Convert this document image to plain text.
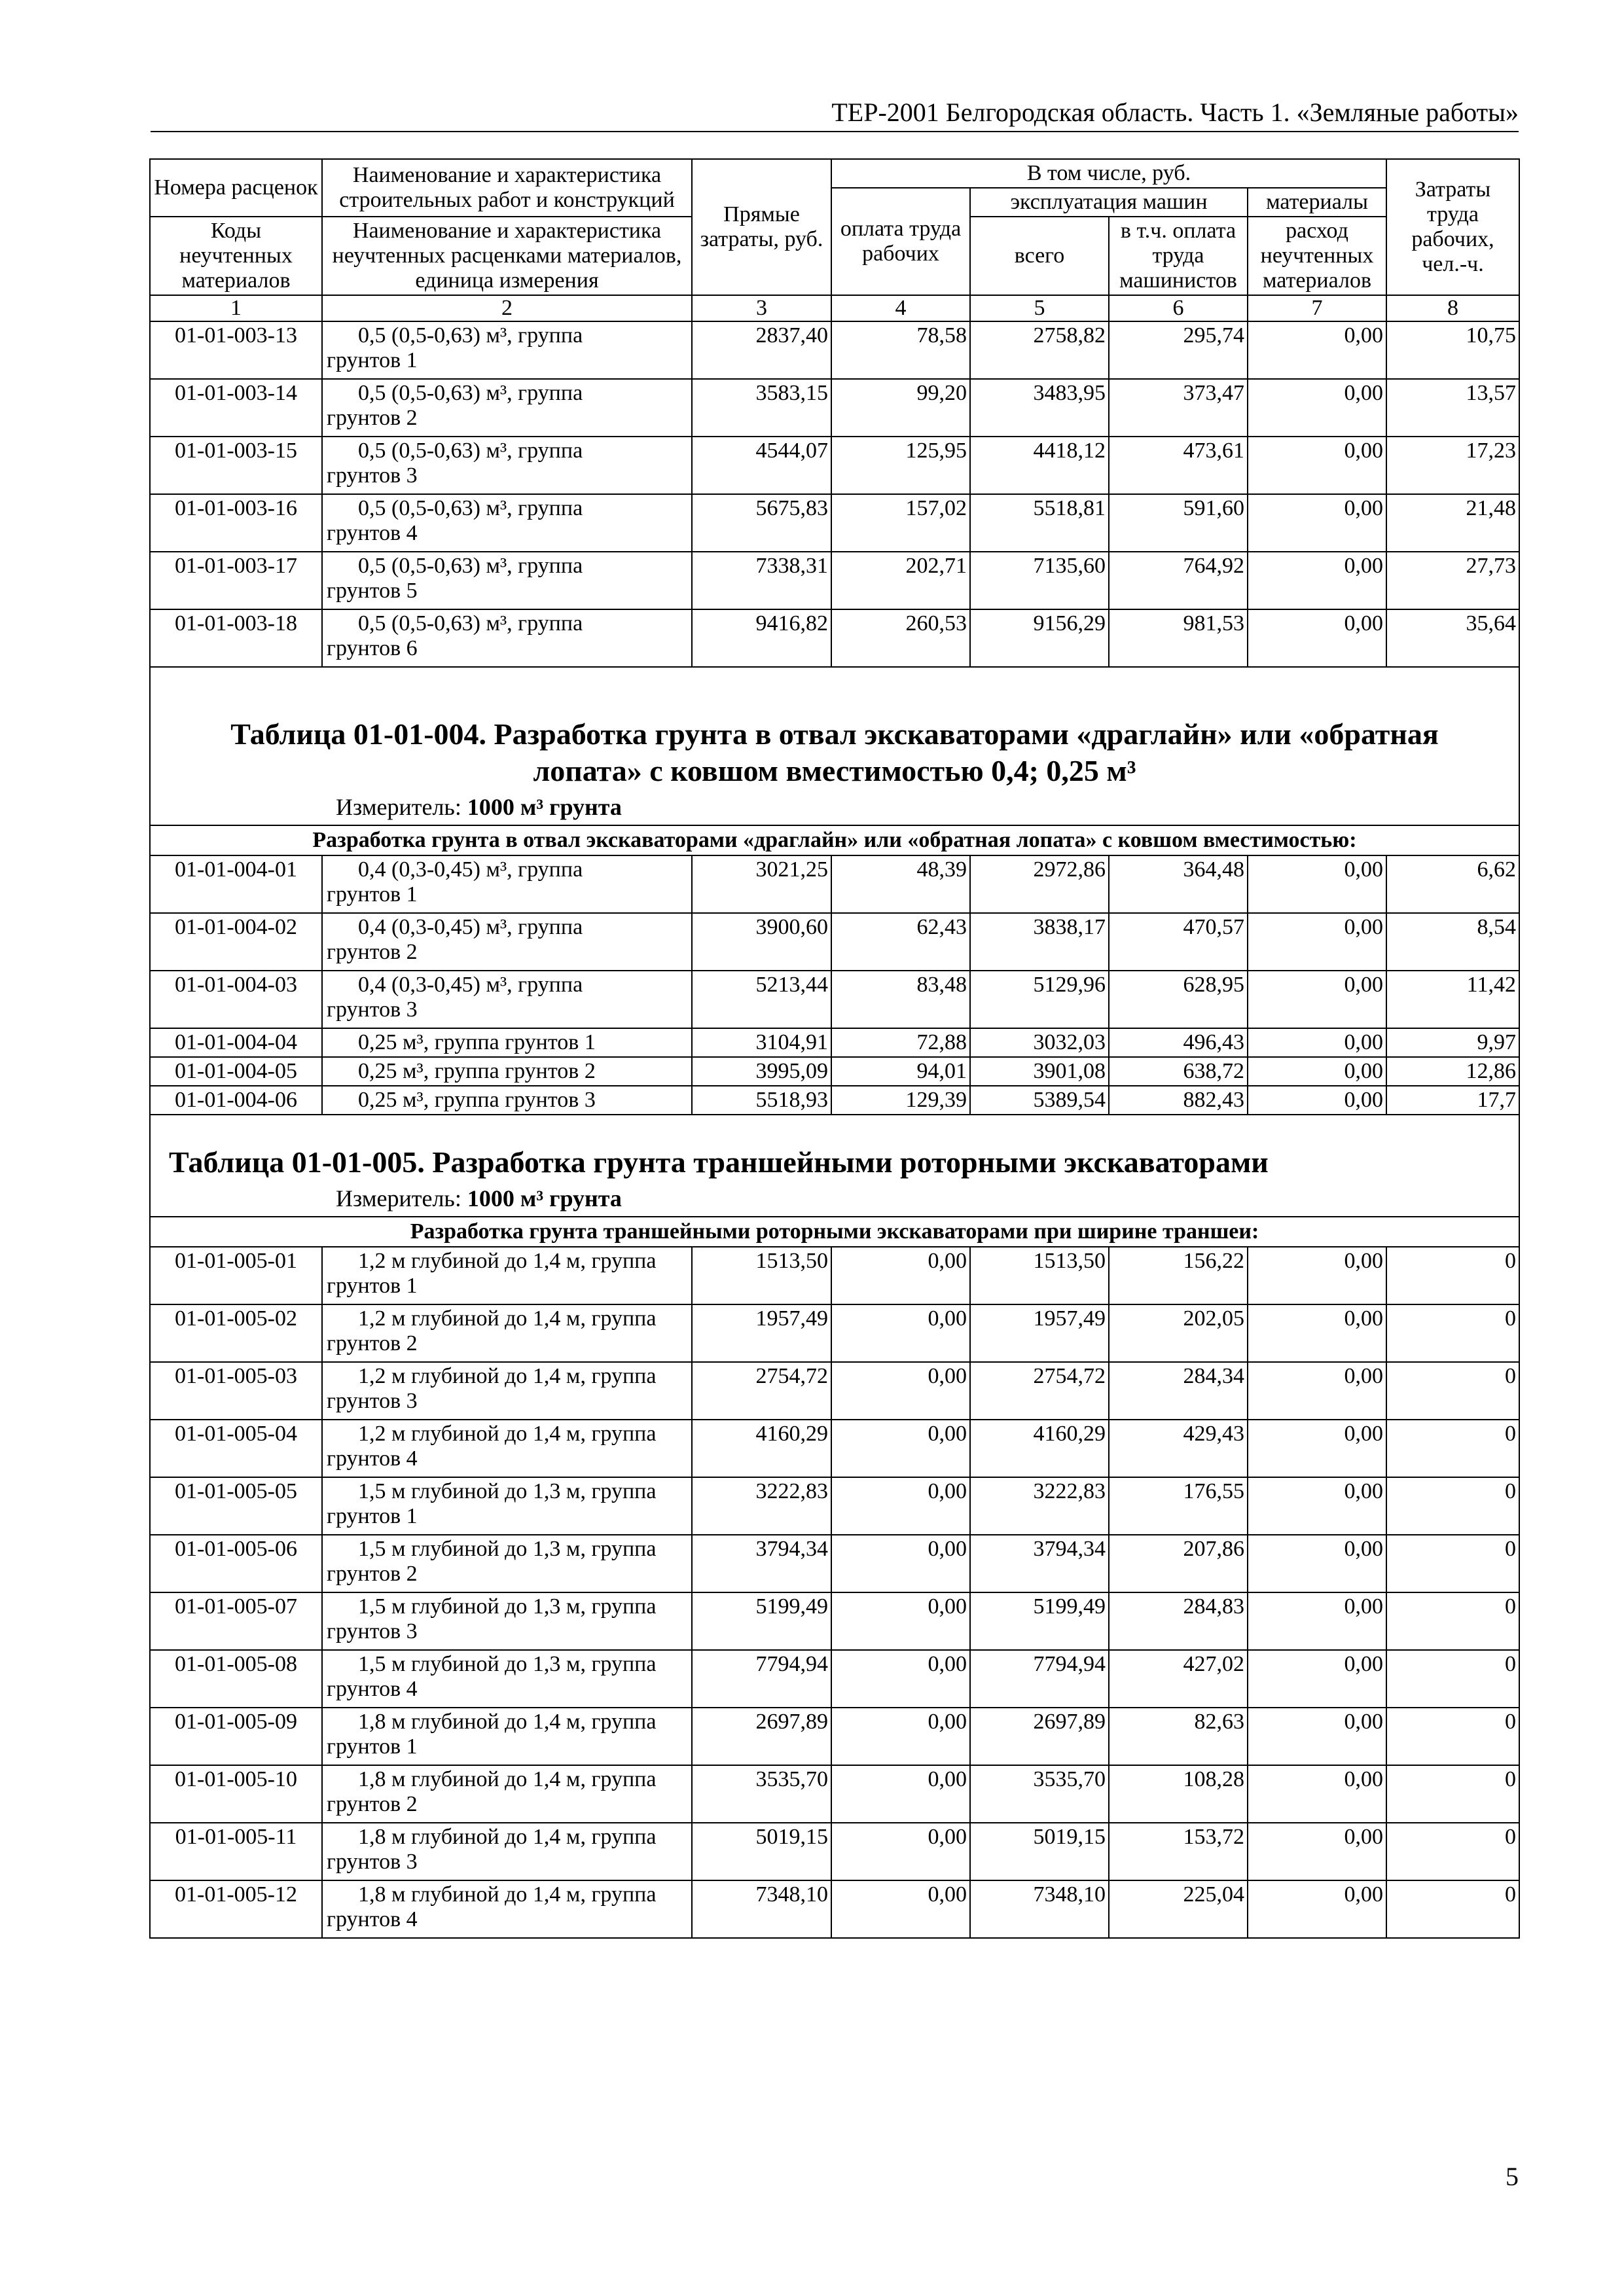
ТЕР-2001 Белгородская область. Часть 1. «Земляные работы»
Номера расценок	Наименование и характеристика строительных работ и конструкций	Прямые затраты, руб.	В том числе, руб.				Затраты труда рабочих, чел.-ч.
			оплата труда рабочих	эксплуатация машин		материалы	
Коды неучтенных материалов	Наименование и характеристика неучтенных расценками материалов, единица измерения			всего	в т.ч. оплата труда машинистов	расход неучтенных материалов	

1	2	3	4	5	6	7	8
01-01-003-13	0,5 (0,5-0,63) м³, группа
грунтов 1	2837,40	78,58	2758,82	295,74	0,00	10,75
01-01-003-14	0,5 (0,5-0,63) м³, группа
грунтов 2	3583,15	99,20	3483,95	373,47	0,00	13,57
01-01-003-15	0,5 (0,5-0,63) м³, группа
грунтов 3	4544,07	125,95	4418,12	473,61	0,00	17,23
01-01-003-16	0,5 (0,5-0,63) м³, группа
грунтов 4	5675,83	157,02	5518,81	591,60	0,00	21,48
01-01-003-17	0,5 (0,5-0,63) м³, группа
грунтов 5	7338,31	202,71	7135,60	764,92	0,00	27,73
01-01-003-18	0,5 (0,5-0,63) м³, группа
грунтов 6	9416,82	260,53	9156,29	981,53	0,00	35,64

Таблица 01-01-004. Разработка грунта в отвал экскаваторами «драглайн» или «обратная
лопата» с ковшом вместимостью 0,4; 0,25 м³							

Измеритель: 1000 м³ грунта							
Разработка грунта в отвал экскаваторами «драглайн» или «обратная лопата» с ковшом вместимостью:							
01-01-004-01	0,4 (0,3-0,45) м³, группа
грунтов 1	3021,25	48,39	2972,86	364,48	0,00	6,62
01-01-004-02	0,4 (0,3-0,45) м³, группа
грунтов 2	3900,60	62,43	3838,17	470,57	0,00	8,54
01-01-004-03	0,4 (0,3-0,45) м³, группа
грунтов 3	5213,44	83,48	5129,96	628,95	0,00	11,42
01-01-004-04	0,25 м³, группа грунтов 1	3104,91	72,88	3032,03	496,43	0,00	9,97
01-01-004-05	0,25 м³, группа грунтов 2	3995,09	94,01	3901,08	638,72	0,00	12,86
01-01-004-06	0,25 м³, группа грунтов 3	5518,93	129,39	5389,54	882,43	0,00	17,7

Таблица 01-01-005. Разработка грунта траншейными роторными экскаваторами							

Измеритель: 1000 м³ грунта							
Разработка грунта траншейными роторными экскаваторами при ширине траншеи:							
01-01-005-01	1,2 м глубиной до 1,4 м, группа
грунтов 1	1513,50	0,00	1513,50	156,22	0,00	0
01-01-005-02	1,2 м глубиной до 1,4 м, группа
грунтов 2	1957,49	0,00	1957,49	202,05	0,00	0
01-01-005-03	1,2 м глубиной до 1,4 м, группа
грунтов 3	2754,72	0,00	2754,72	284,34	0,00	0
01-01-005-04	1,2 м глубиной до 1,4 м, группа
грунтов 4	4160,29	0,00	4160,29	429,43	0,00	0
01-01-005-05	1,5 м глубиной до 1,3 м, группа
грунтов 1	3222,83	0,00	3222,83	176,55	0,00	0
01-01-005-06	1,5 м глубиной до 1,3 м, группа
грунтов 2	3794,34	0,00	3794,34	207,86	0,00	0
01-01-005-07	1,5 м глубиной до 1,3 м, группа
грунтов 3	5199,49	0,00	5199,49	284,83	0,00	0
01-01-005-08	1,5 м глубиной до 1,3 м, группа
грунтов 4	7794,94	0,00	7794,94	427,02	0,00	0
01-01-005-09	1,8 м глубиной до 1,4 м, группа
грунтов 1	2697,89	0,00	2697,89	82,63	0,00	0
01-01-005-10	1,8 м глубиной до 1,4 м, группа
грунтов 2	3535,70	0,00	3535,70	108,28	0,00	0
01-01-005-11	1,8 м глубиной до 1,4 м, группа
грунтов 3	5019,15	0,00	5019,15	153,72	0,00	0
01-01-005-12	1,8 м глубиной до 1,4 м, группа
грунтов 4	7348,10	0,00	7348,10	225,04	0,00	0
5
